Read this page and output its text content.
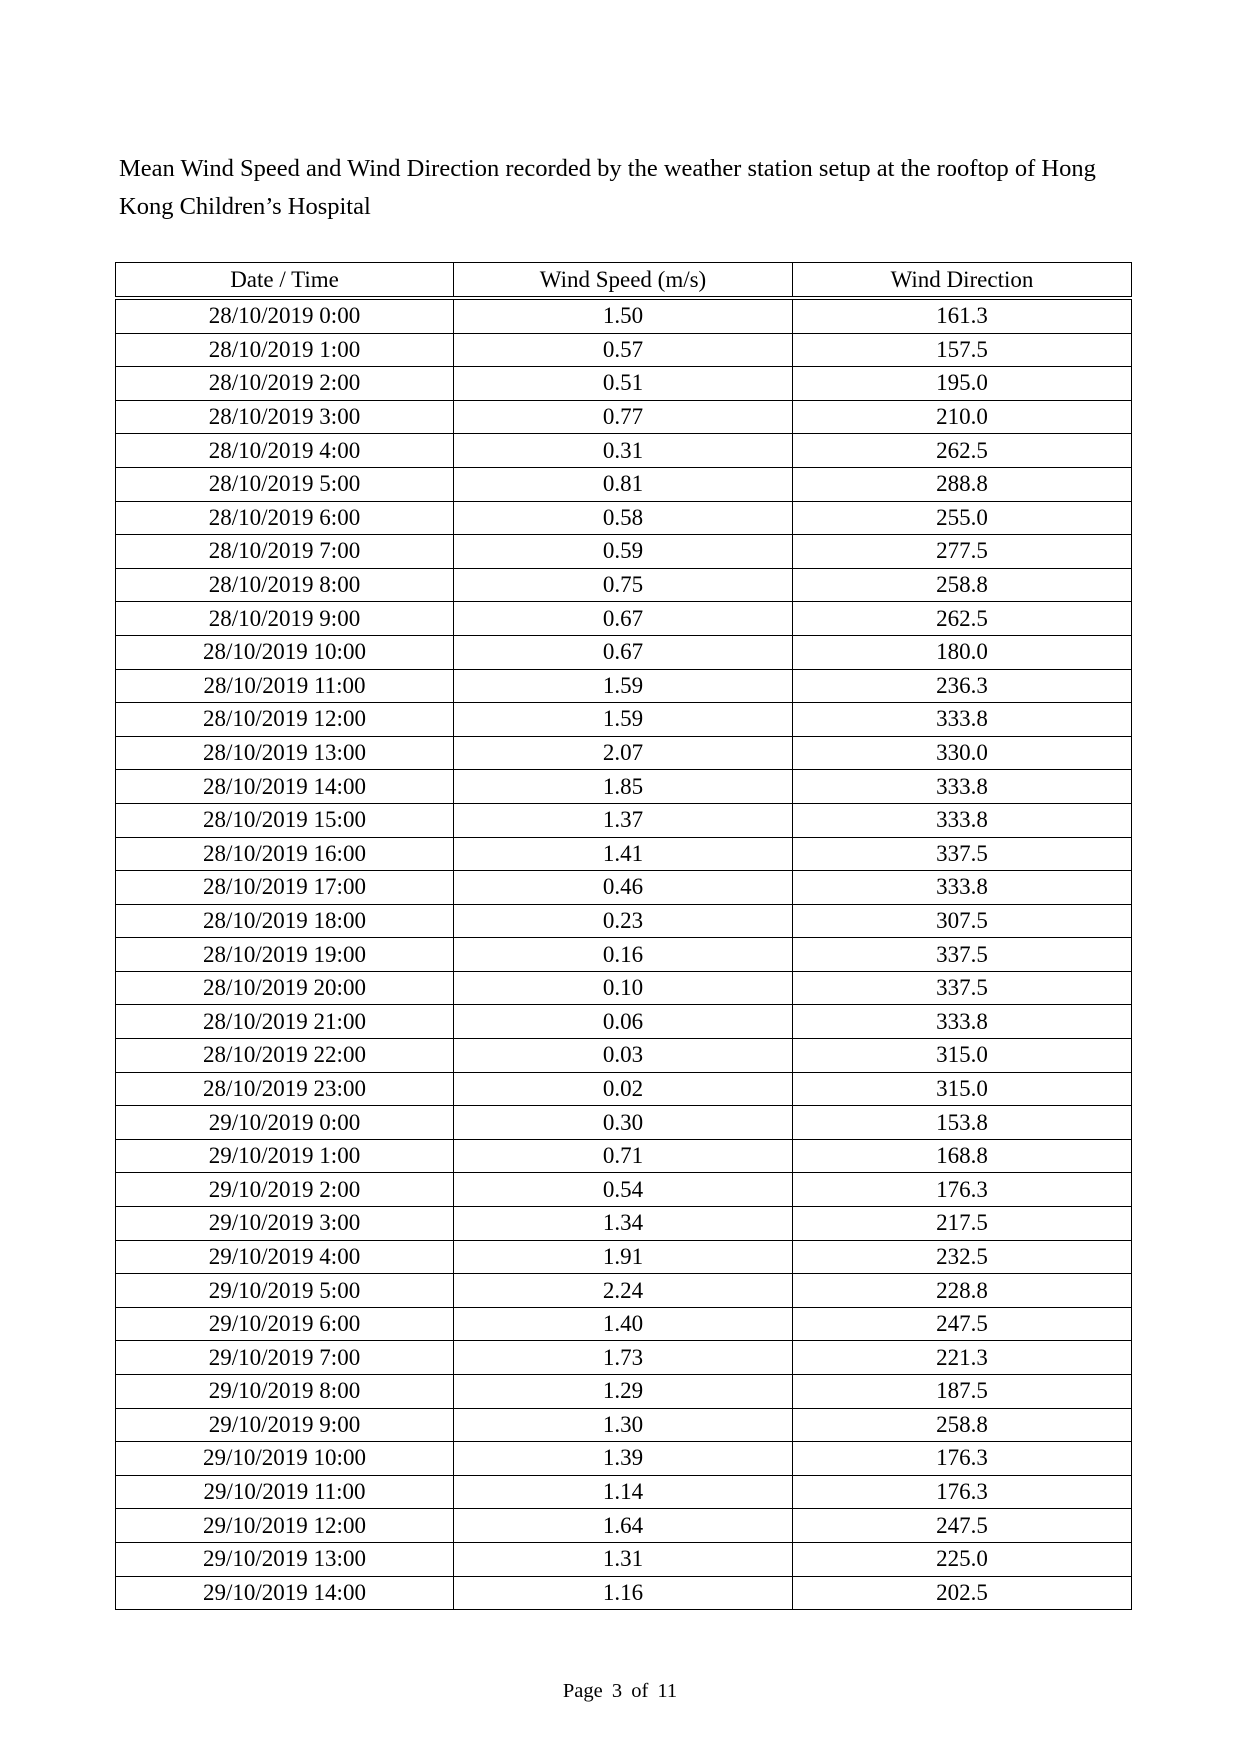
Mean Wind Speed and Wind Direction recorded by the weather station setup at the rooftop of Hong Kong Children’s Hospital

Date / Time	Wind Speed (m/s)	Wind Direction
28/10/2019 0:00	1.50	161.3
28/10/2019 1:00	0.57	157.5
28/10/2019 2:00	0.51	195.0
28/10/2019 3:00	0.77	210.0
28/10/2019 4:00	0.31	262.5
28/10/2019 5:00	0.81	288.8
28/10/2019 6:00	0.58	255.0
28/10/2019 7:00	0.59	277.5
28/10/2019 8:00	0.75	258.8
28/10/2019 9:00	0.67	262.5
28/10/2019 10:00	0.67	180.0
28/10/2019 11:00	1.59	236.3
28/10/2019 12:00	1.59	333.8
28/10/2019 13:00	2.07	330.0
28/10/2019 14:00	1.85	333.8
28/10/2019 15:00	1.37	333.8
28/10/2019 16:00	1.41	337.5
28/10/2019 17:00	0.46	333.8
28/10/2019 18:00	0.23	307.5
28/10/2019 19:00	0.16	337.5
28/10/2019 20:00	0.10	337.5
28/10/2019 21:00	0.06	333.8
28/10/2019 22:00	0.03	315.0
28/10/2019 23:00	0.02	315.0
29/10/2019 0:00	0.30	153.8
29/10/2019 1:00	0.71	168.8
29/10/2019 2:00	0.54	176.3
29/10/2019 3:00	1.34	217.5
29/10/2019 4:00	1.91	232.5
29/10/2019 5:00	2.24	228.8
29/10/2019 6:00	1.40	247.5
29/10/2019 7:00	1.73	221.3
29/10/2019 8:00	1.29	187.5
29/10/2019 9:00	1.30	258.8
29/10/2019 10:00	1.39	176.3
29/10/2019 11:00	1.14	176.3
29/10/2019 12:00	1.64	247.5
29/10/2019 13:00	1.31	225.0
29/10/2019 14:00	1.16	202.5

Page 3 of 11
